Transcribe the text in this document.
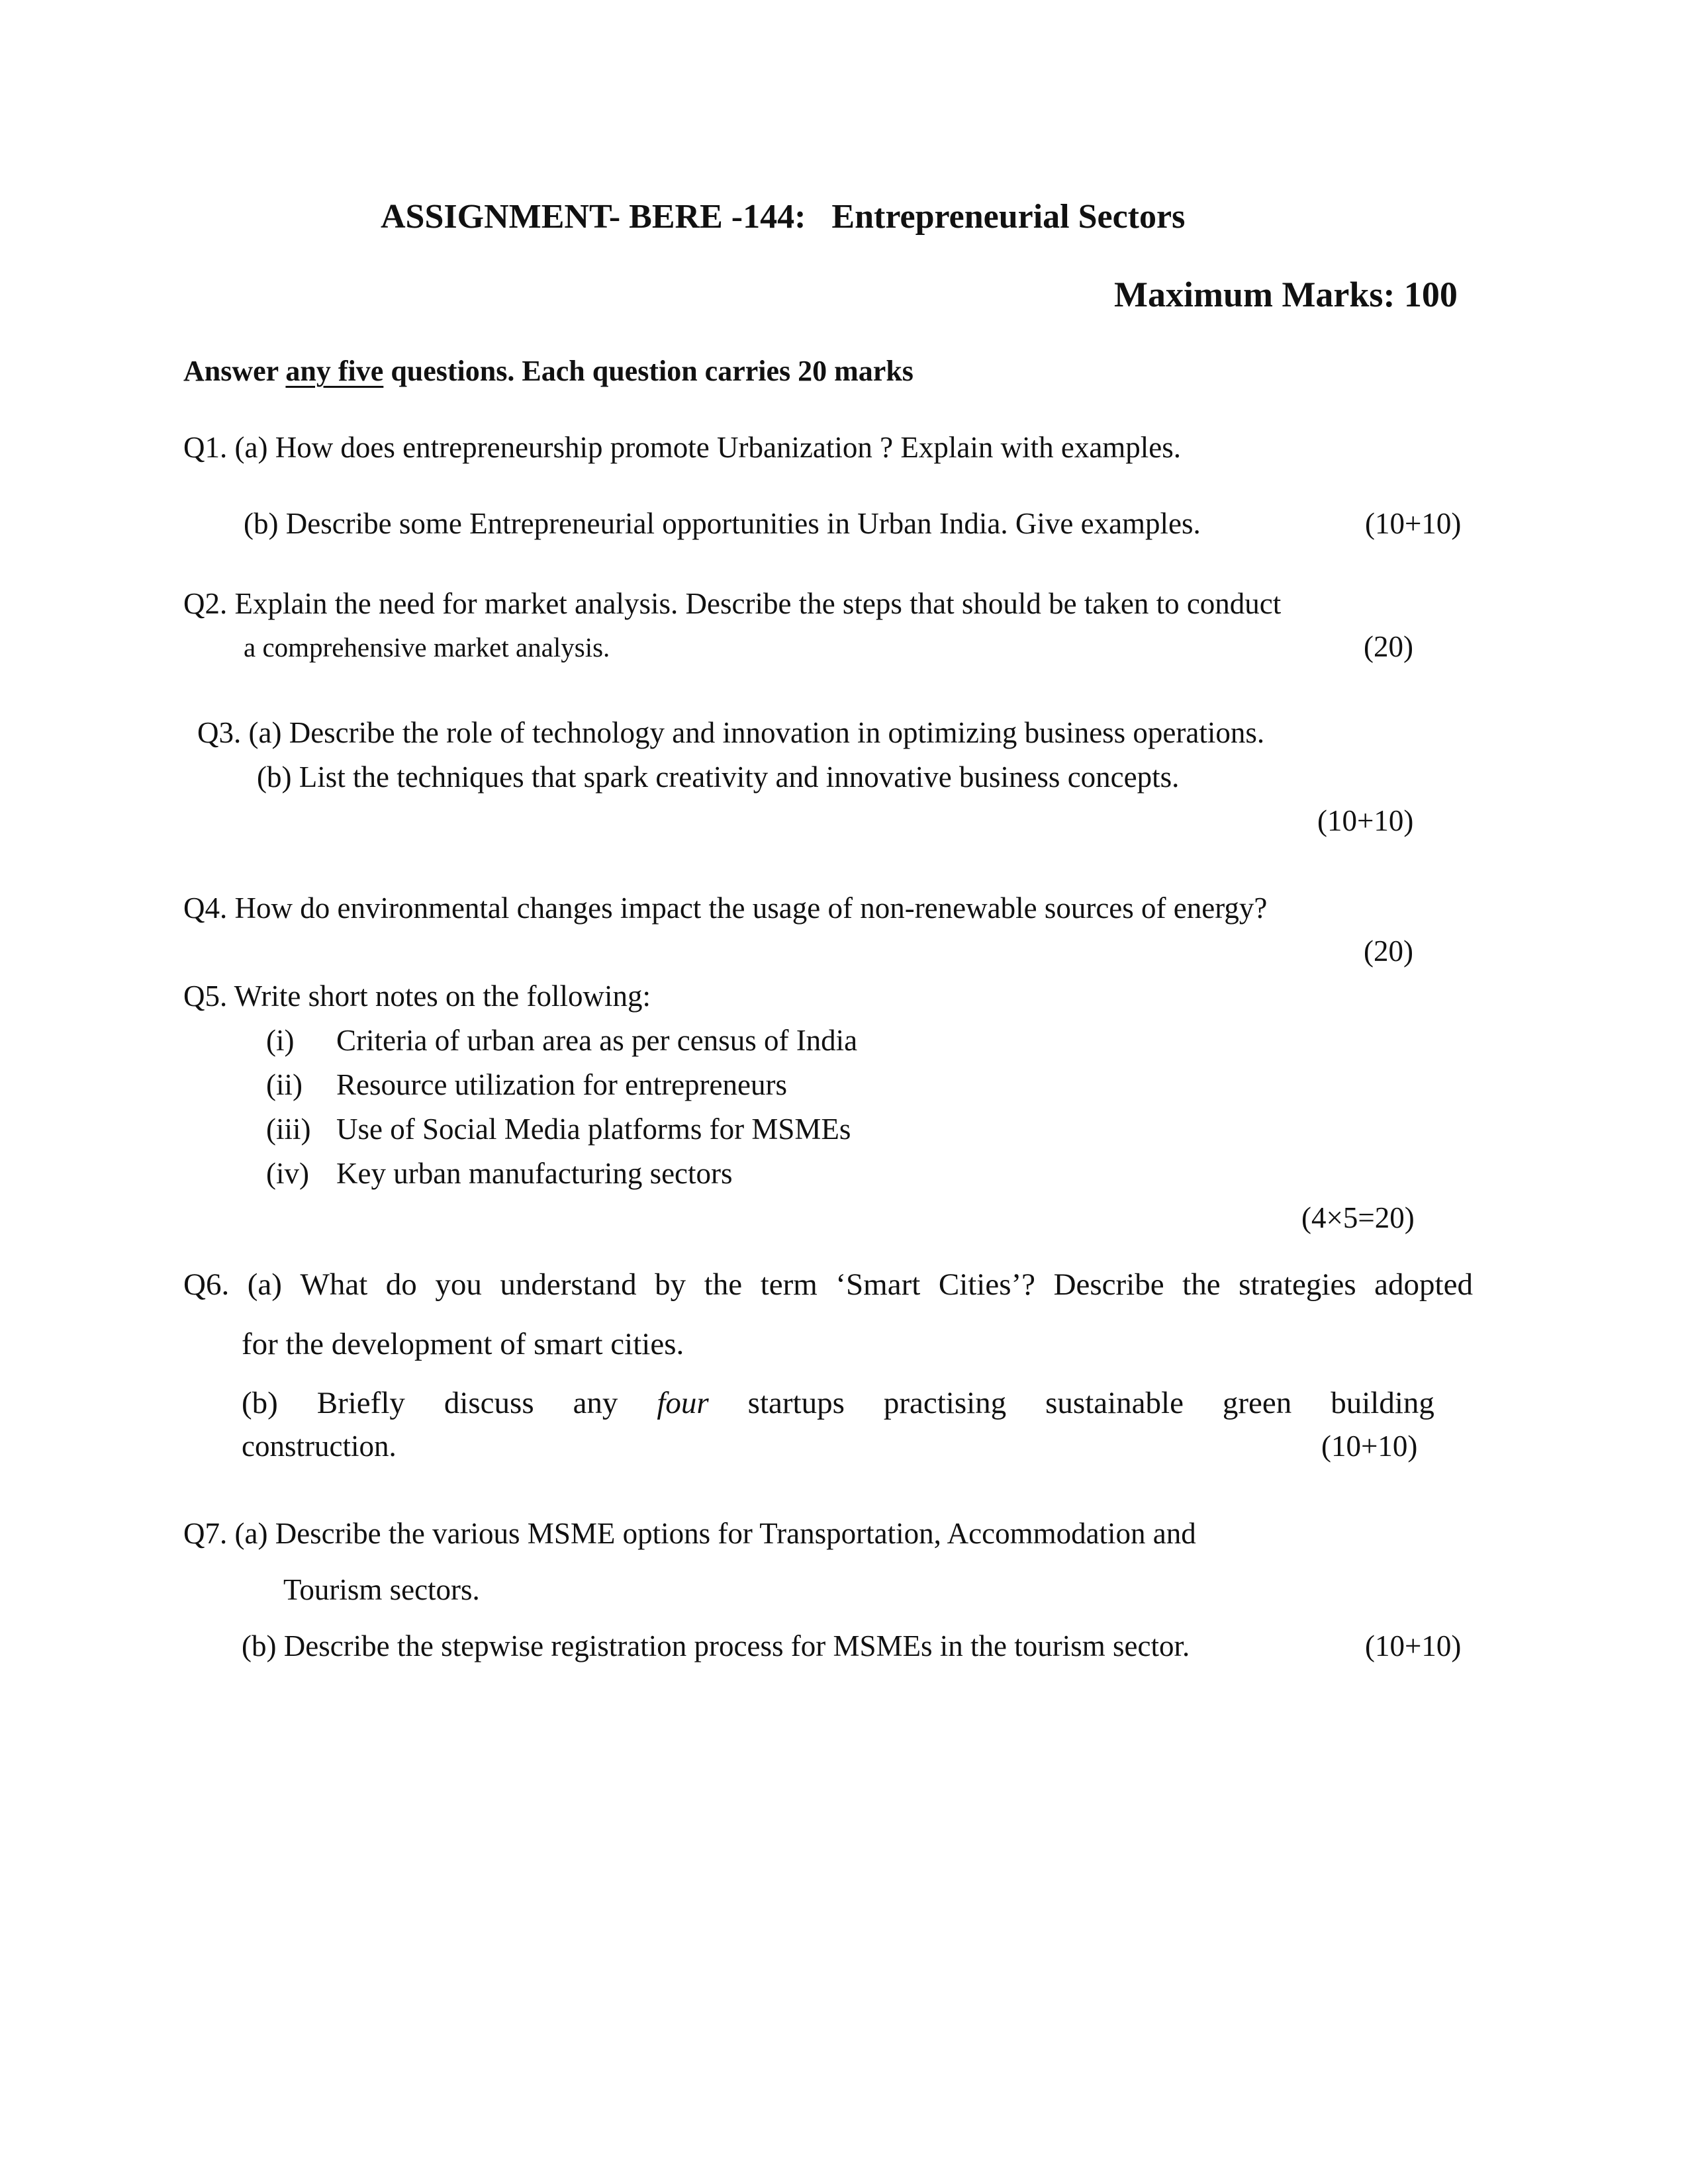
ASSIGNMENT- BERE -144: Entrepreneurial Sectors
Maximum Marks: 100
Answer any five questions. Each question carries 20 marks
Q1. (a) How does entrepreneurship promote Urbanization ? Explain with examples.
(b) Describe some Entrepreneurial opportunities in Urban India. Give examples.	(10+10)
Q2. Explain the need for market analysis. Describe the steps that should be taken to conduct
a comprehensive market analysis.	(20)
Q3. (a) Describe the role of technology and innovation in optimizing business operations.
(b) List the techniques that spark creativity and innovative business concepts.
(10+10)
Q4. How do environmental changes impact the usage of non-renewable sources of energy?
(20)
Q5. Write short notes on the following:
(i) Criteria of urban area as per census of India
(ii) Resource utilization for entrepreneurs
(iii) Use of Social Media platforms for MSMEs
(iv) Key urban manufacturing sectors
(4×5=20)
Q6. (a) What do you understand by the term ‘Smart Cities’? Describe the strategies adopted
for the development of smart cities.
(b) Briefly discuss any four startups practising sustainable green building
construction.	(10+10)
Q7. (a) Describe the various MSME options for Transportation, Accommodation and
Tourism sectors.
(b) Describe the stepwise registration process for MSMEs in the tourism sector.	(10+10)
